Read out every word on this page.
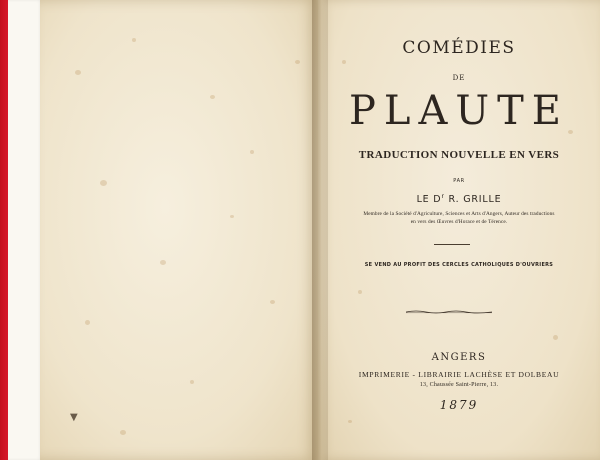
▼
COMÉDIES
DE
PLAUTE
TRADUCTION NOUVELLE EN VERS
PAR
LE $D^r$ R. GRILLE
Membre de la Société d'Agriculture, Sciences et Arts d'Angers, Auteur des traductions
en vers des Œuvres d'Horace et de Térence.
SE VEND AU PROFIT DES CERCLES CATHOLIQUES D'OUVRIERS
ANGERS
IMPRIMERIE - LIBRAIRIE LACHÈSE ET DOLBEAU
13, Chaussée Saint-Pierre, 13.
1879
